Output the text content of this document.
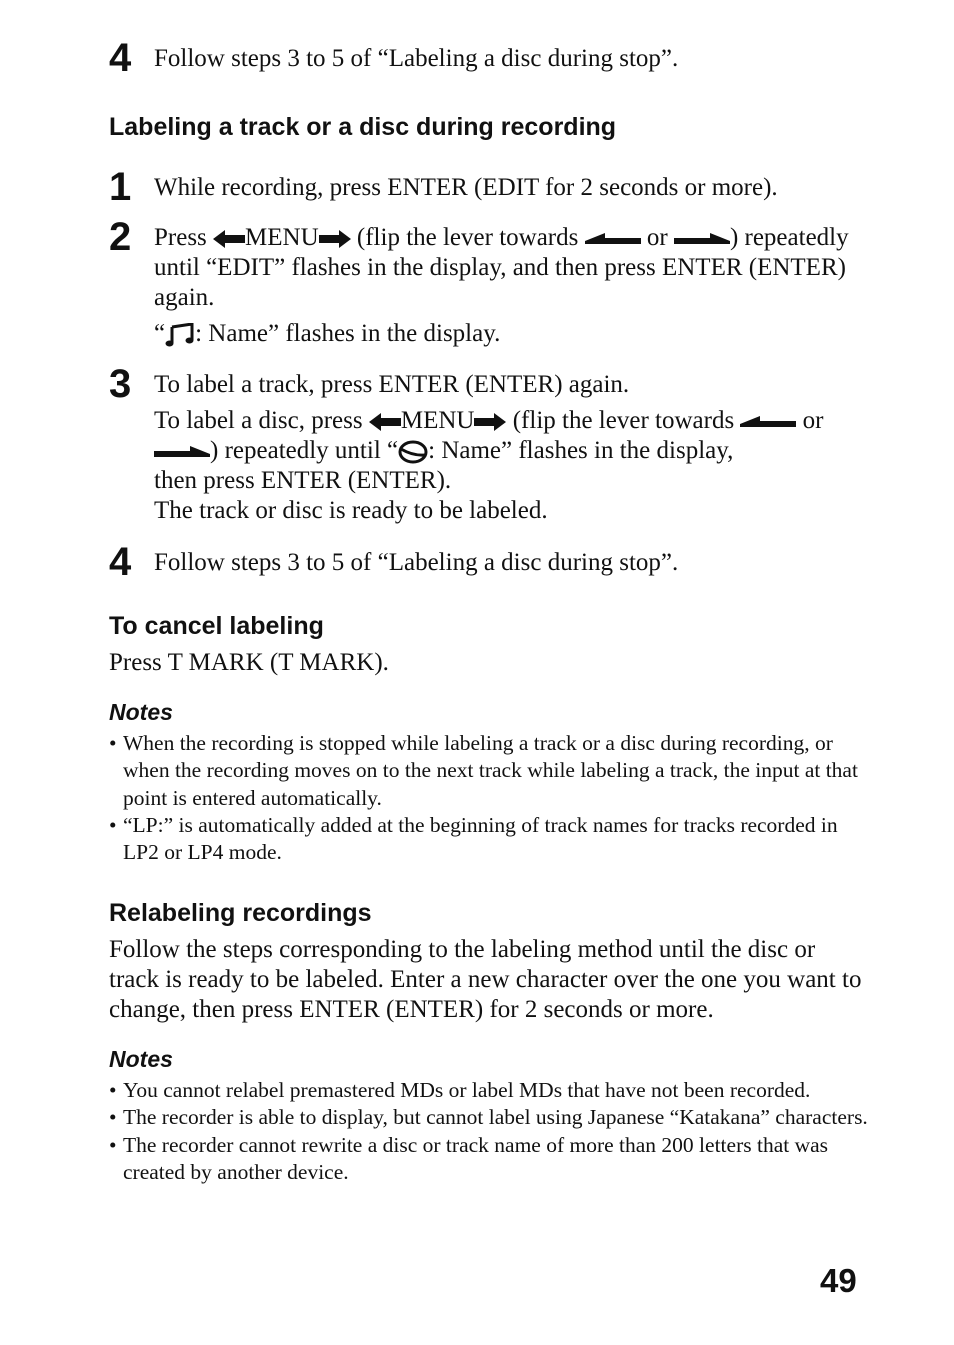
4 Follow steps 3 to 5 of “Labeling a disc during stop”.
Labeling a track or a disc during recording
1 While recording, press ENTER (EDIT for 2 seconds or more).
2 Press MENU (flip the lever towards	or ) repeatedly until “EDIT” flashes in the display, and then press ENTER (ENTER) again.
“ : Name” flashes in the display.
3 To label a track, press ENTER (ENTER) again.
To label a disc, press MENU (flip the lever towards	or
) repeatedly until “ : Name” flashes in the display,
then press ENTER (ENTER).
The track or disc is ready to be labeled.
4 Follow steps 3 to 5 of “Labeling a disc during stop”.
To cancel labeling
Press T MARK (T MARK).
Notes
• When the recording is stopped while labeling a track or a disc during recording, or when the recording moves on to the next track while labeling a track, the input at that point is entered automatically.
• “LP:” is automatically added at the beginning of track names for tracks recorded in LP2 or LP4 mode.
Relabeling recordings
Follow the steps corresponding to the labeling method until the disc or track is ready to be labeled. Enter a new character over the one you want to change, then press ENTER (ENTER) for 2 seconds or more.
Notes
• You cannot relabel premastered MDs or label MDs that have not been recorded.
• The recorder is able to display, but cannot label using Japanese “Katakana” characters.
• The recorder cannot rewrite a disc or track name of more than 200 letters that was created by another device.
49
